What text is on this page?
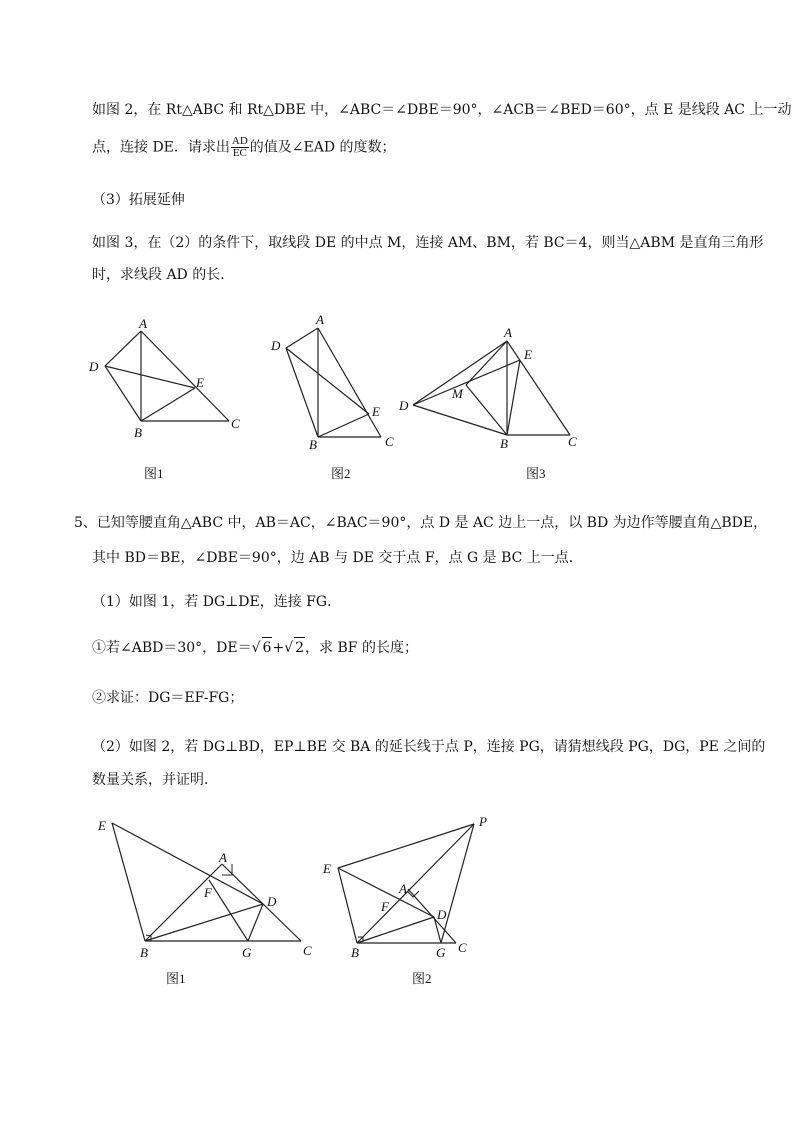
如图 2，在 Rt△ABC 和 Rt△DBE 中，∠ABC＝∠DBE＝90°，∠ACB＝∠BED＝60°，点 E 是线段 AC 上一动
点，连接 DE．请求出 $\frac{AD}{EC}$ 的值及∠EAD 的度数；
（3）拓展延伸
如图 3，在（2）的条件下，取线段 DE 的中点 M，连接 AM、BM，若 BC＝4，则当△ABM 是直角三角形
时，求线段 AD 的长．
A
D
E
B
C
图1
A
D
E
B	C
图2
A
E
D
M
B	C
图3
E
A
F
D
B	G	C
图1
P
E
A
F
D
B	G C
图2
5、已知等腰直角△ABC 中，AB＝AC，∠BAC＝90°，点 D 是 AC 边上一点，以 BD 为边作等腰直角△BDE，
其中 BD＝BE，∠DBE＝90°，边 AB 与 DE 交于点 F，点 G 是 BC 上一点．
（1）如图 1，若 DG⊥DE，连接 FG．
①若∠ABD＝30°，DE＝√ 6+√ 2，求 BF 的长度；
②求证：DG＝EF-FG；
（2）如图 2，若 DG⊥BD，EP⊥BE 交 BA 的延长线于点 P，连接 PG，请猜想线段 PG，DG，PE 之间的
数量关系，并证明．
